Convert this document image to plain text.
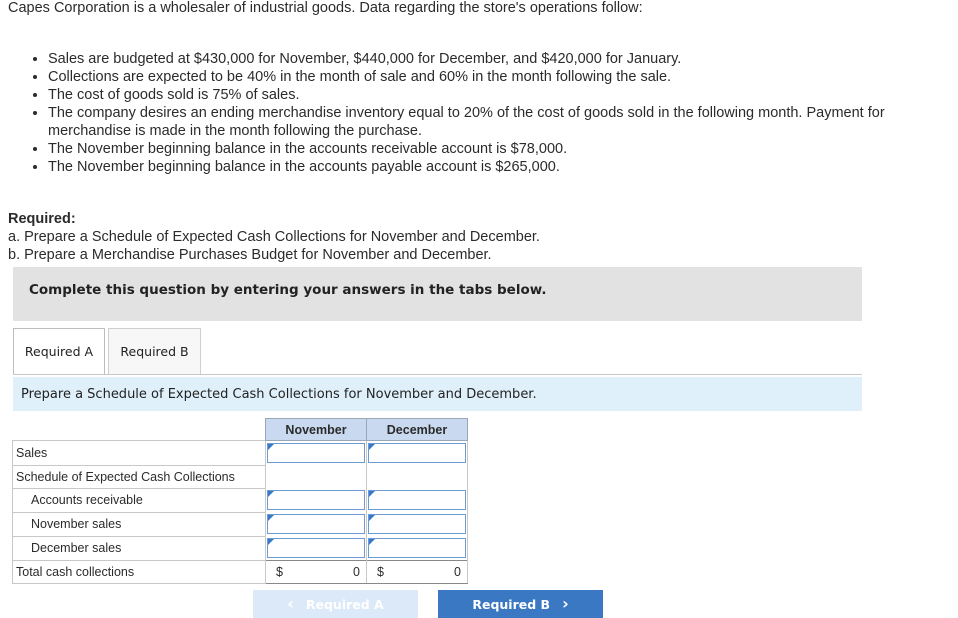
Capes Corporation is a wholesaler of industrial goods. Data regarding the store's operations follow:
• Sales are budgeted at $430,000 for November, $440,000 for December, and $420,000 for January.
• Collections are expected to be 40% in the month of sale and 60% in the month following the sale.
• The cost of goods sold is 75% of sales.
• The company desires an ending merchandise inventory equal to 20% of the cost of goods sold in the following month. Payment for merchandise is made in the month following the purchase.
• The November beginning balance in the accounts receivable account is $78,000.
• The November beginning balance in the accounts payable account is $265,000.
Required:
a. Prepare a Schedule of Expected Cash Collections for November and December.
b. Prepare a Merchandise Purchases Budget for November and December.
Complete this question by entering your answers in the tabs below.
Required A	Required B
Prepare a Schedule of Expected Cash Collections for November and December.
	November	December
Sales	

Schedule of Expected Cash Collections		
Accounts receivable	

November sales	

December sales	

Total cash collections	$ 0	$ 0
‹ Required A	Required B ›
